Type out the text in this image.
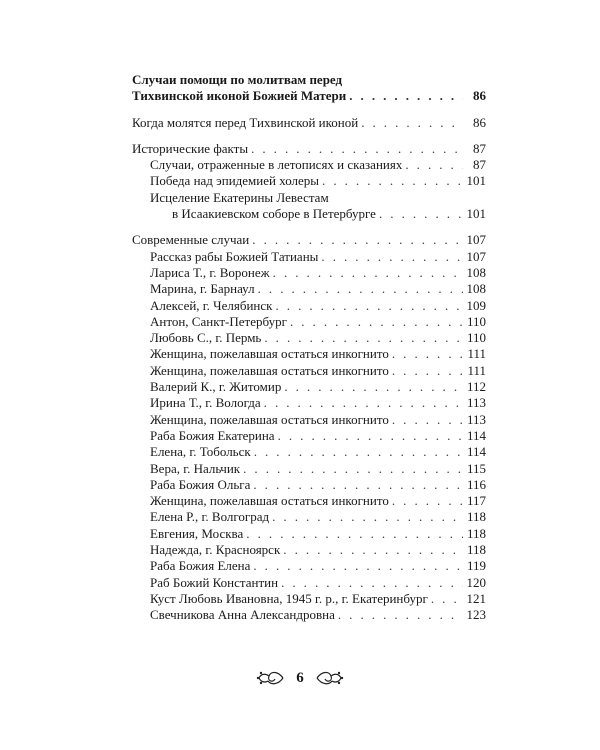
Случаи помощи по молитвам перед
Тихвинской иконой Божией Матери . . .	86
Когда молятся перед Тихвинской иконой . . .	86
Исторические факты . . .	87
Случаи, отраженные в летописях и сказаниях . . .	87
Победа над эпидемией холеры . . .	101
Исцеление Екатерины Левестам
в Исаакиевском соборе в Петербурге . . .	101
Современные случаи . . .	107
Рассказ рабы Божией Татианы . . .	107
Лариса Т., г. Воронеж . . .	108
Марина, г. Барнаул . . .	108
Алексей, г. Челябинск . . .	109
Антон, Санкт-Петербург . . .	110
Любовь С., г. Пермь . . .	110
Женщина, пожелавшая остаться инкогнито . . .	111
Женщина, пожелавшая остаться инкогнито . . .	111
Валерий К., г. Житомир . . .	112
Ирина Т., г. Вологда . . .	113
Женщина, пожелавшая остаться инкогнито . . .	113
Раба Божия Екатерина . . .	114
Елена, г. Тобольск . . .	114
Вера, г. Нальчик . . .	115
Раба Божия Ольга . . .	116
Женщина, пожелавшая остаться инкогнито . . .	117
Елена Р., г. Волгоград . . .	118
Евгения, Москва . . .	118
Надежда, г. Красноярск . . .	118
Раба Божия Елена . . .	119
Раб Божий Константин . . .	120
Куст Любовь Ивановна, 1945 г. р., г. Екатеринбург . . .	121
Свечникова Анна Александровна . . .	123
6
